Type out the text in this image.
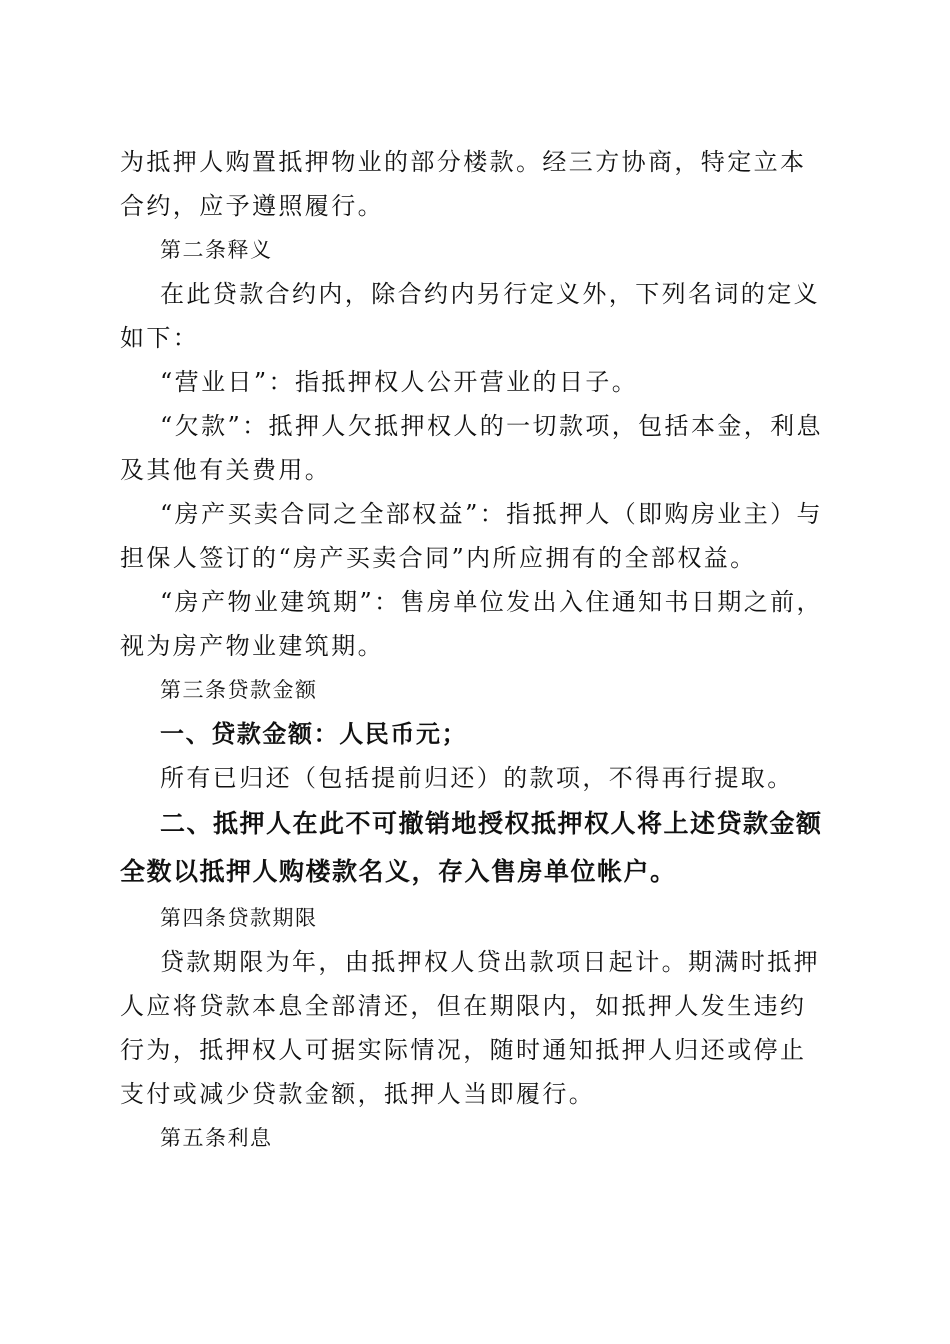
为抵押人购置抵押物业的部分楼款。经三方协商，特定立本合约，应予遵照履行。

第二条释义

在此贷款合约内，除合约内另行定义外，下列名词的定义如下：

“营业日”：指抵押权人公开营业的日子。

“欠款”：抵押人欠抵押权人的一切款项，包括本金，利息及其他有关费用。

“房产买卖合同之全部权益”：指抵押人（即购房业主）与担保人签订的“房产买卖合同”内所应拥有的全部权益。

“房产物业建筑期”：售房单位发出入住通知书日期之前，视为房产物业建筑期。

第三条贷款金额

一、贷款金额：人民币元；

所有已归还（包括提前归还）的款项，不得再行提取。

二、抵押人在此不可撤销地授权抵押权人将上述贷款金额全数以抵押人购楼款名义，存入售房单位帐户。

第四条贷款期限

贷款期限为年，由抵押权人贷出款项日起计。期满时抵押人应将贷款本息全部清还，但在期限内，如抵押人发生违约行为，抵押权人可据实际情况，随时通知抵押人归还或停止支付或减少贷款金额，抵押人当即履行。

第五条利息
